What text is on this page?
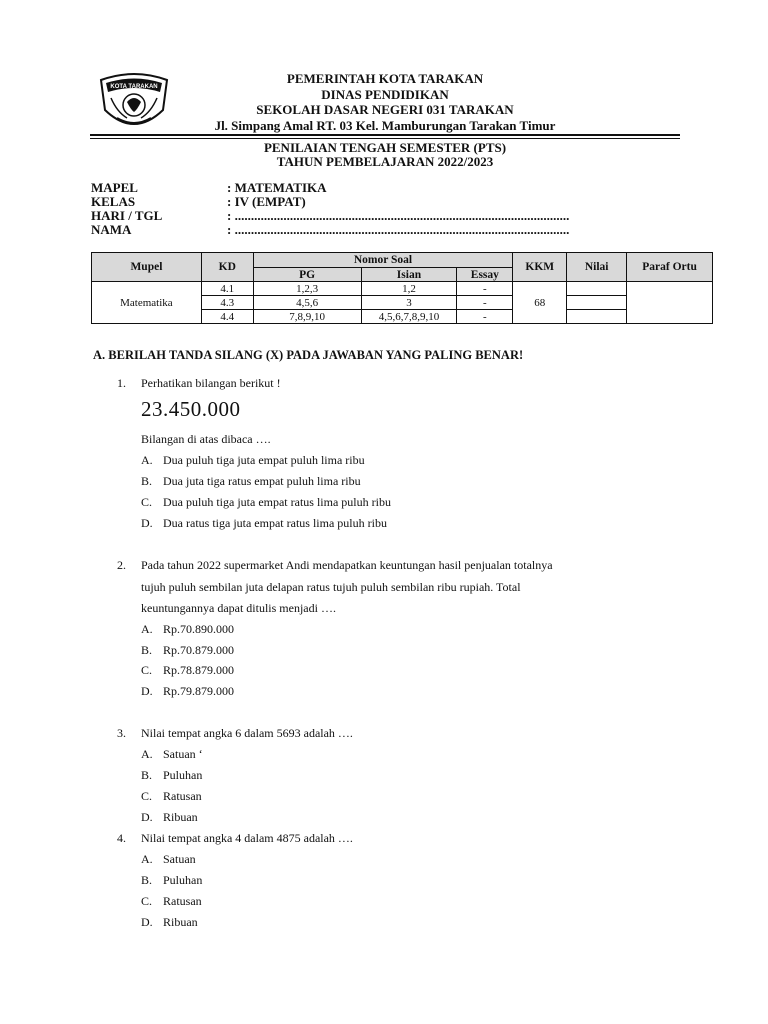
KOTA TARAKAN
PEMERINTAH KOTA TARAKAN
DINAS PENDIDIKAN
SEKOLAH DASAR NEGERI 031 TARAKAN
Jl. Simpang Amal RT. 03 Kel. Mamburungan Tarakan Timur
PENILAIAN TENGAH SEMESTER (PTS)
TAHUN PEMBELAJARAN 2022/2023
MAPEL	: MATEMATIKA
KELAS	: IV (EMPAT)
HARI / TGL	: .......................................................................................................
NAMA	: .......................................................................................................
Mupel	KD	Nomor Soal			KKM	Nilai	Paraf Ortu
		PG	Isian	Essay			
Matematika	4.1	1,2,3	1,2	-	68		
	4.3	4,5,6	3	-			
	4.4	7,8,9,10	4,5,6,7,8,9,10	-			
A. BERILAH TANDA SILANG (X) PADA JAWABAN YANG PALING BENAR!
1. Perhatikan bilangan berikut !
23.450.000
Bilangan di atas dibaca ….
A. Dua puluh tiga juta empat puluh lima ribu
B. Dua juta tiga ratus empat puluh lima ribu
C. Dua puluh tiga juta empat ratus lima puluh ribu
D. Dua ratus tiga juta empat ratus lima puluh ribu
2. Pada tahun 2022 supermarket Andi mendapatkan keuntungan hasil penjualan totalnya
tujuh puluh sembilan juta delapan ratus tujuh puluh sembilan ribu rupiah. Total
keuntungannya dapat ditulis menjadi ….
A. Rp.70.890.000
B. Rp.70.879.000
C. Rp.78.879.000
D. Rp.79.879.000
3. Nilai tempat angka 6 dalam 5693 adalah ….
A. Satuan ‘
B. Puluhan
C. Ratusan
D. Ribuan
4. Nilai tempat angka 4 dalam 4875 adalah ….
A. Satuan
B. Puluhan
C. Ratusan
D. Ribuan
